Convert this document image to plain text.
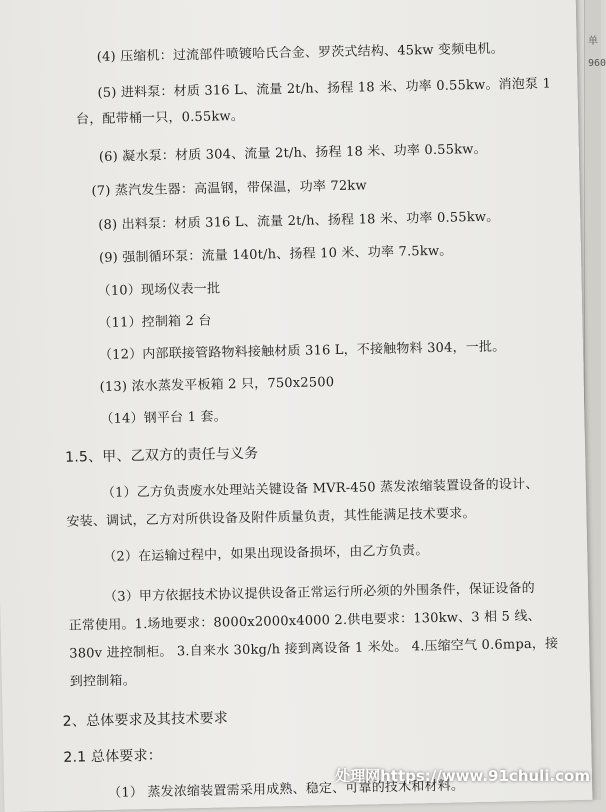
单
960
(4) 压缩机：过流部件喷镀哈氏合金、罗茨式结构、45kw 变频电机。
(5) 进料泵：材质 316 L、流量 2t/h、扬程 18 米、功率 0.55kw。消泡泵 1
台，配带桶一只，0.55kw。
(6) 凝水泵：材质 304、流量 2t/h、扬程 18 米、功率 0.55kw。
(7) 蒸汽发生器：高温钢，带保温，功率 72kw
(8) 出料泵：材质 316 L、流量 2t/h、扬程 18 米、功率 0.55kw。
(9) 强制循环泵：流量 140t/h、扬程 10 米、功率 7.5kw。
（10）现场仪表一批
（11）控制箱 2 台
（12）内部联接管路物料接触材质 316 L，不接触物料 304，一批。
(13) 浓水蒸发平板箱 2 只，750x2500
（14）钢平台 1 套。
1.5、甲、乙双方的责任与义务
（1）乙方负责废水处理站关键设备 MVR-450 蒸发浓缩装置设备的设计、
安装、调试，乙方对所供设备及附件质量负责，其性能满足技术要求。
（2）在运输过程中，如果出现设备损坏，由乙方负责。
（3）甲方依据技术协议提供设备正常运行所必须的外围条件，保证设备的
正常使用。1.场地要求：8000x2000x4000 2.供电要求：130kw、3 相 5 线、
380v 进控制柜。 3.自来水 30kg/h 接到离设备 1 米处。 4.压缩空气 0.6mpa，接
到控制箱。
2、总体要求及其技术要求
2.1 总体要求：
（1） 蒸发浓缩装置需采用成熟、稳定、可靠的技术和材料。
处理网https://www.91chuli.com
